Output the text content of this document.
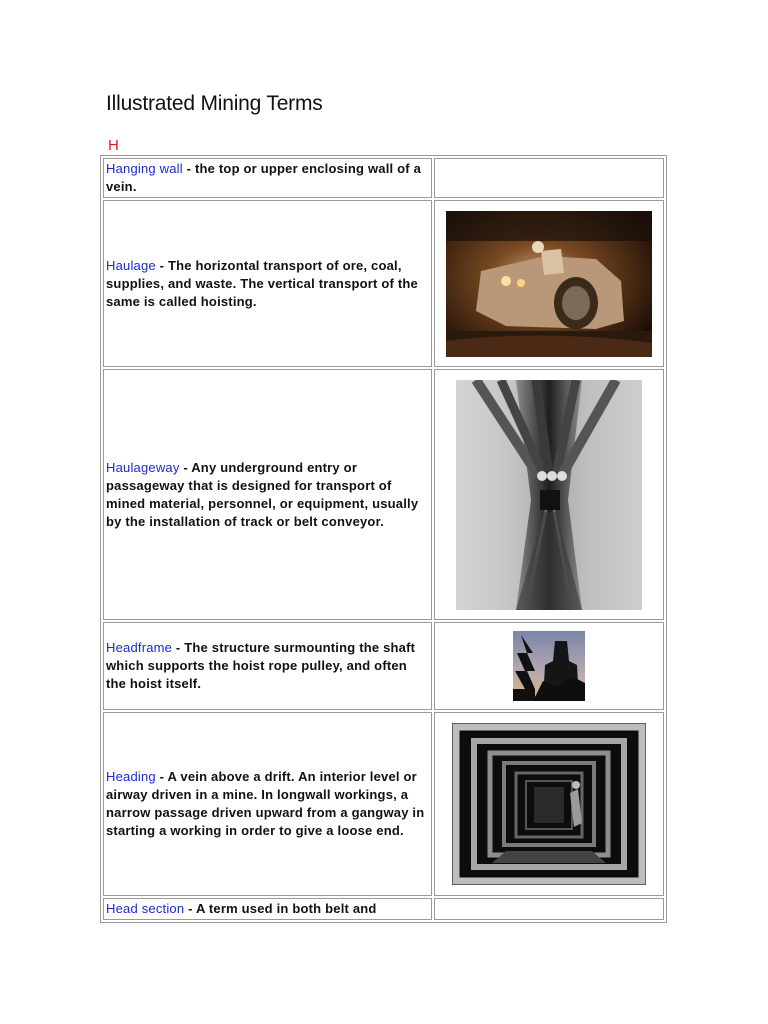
Illustrated Mining Terms
H
Hanging wall - the top or upper enclosing wall of a vein.	

Haulage - The horizontal transport of ore, coal, supplies, and waste. The vertical transport of the same is called hoisting.

Haulageway - Any underground entry or passageway that is designed for transport of mined material, personnel, or equipment, usually by the installation of track or belt conveyor.

Headframe - The structure surmounting the shaft which supports the hoist rope pulley, and often the hoist itself.

Heading - A vein above a drift. An interior level or airway driven in a mine. In longwall workings, a narrow passage driven upward from a gangway in starting a working in order to give a loose end.

Head section - A term used in both belt and	
